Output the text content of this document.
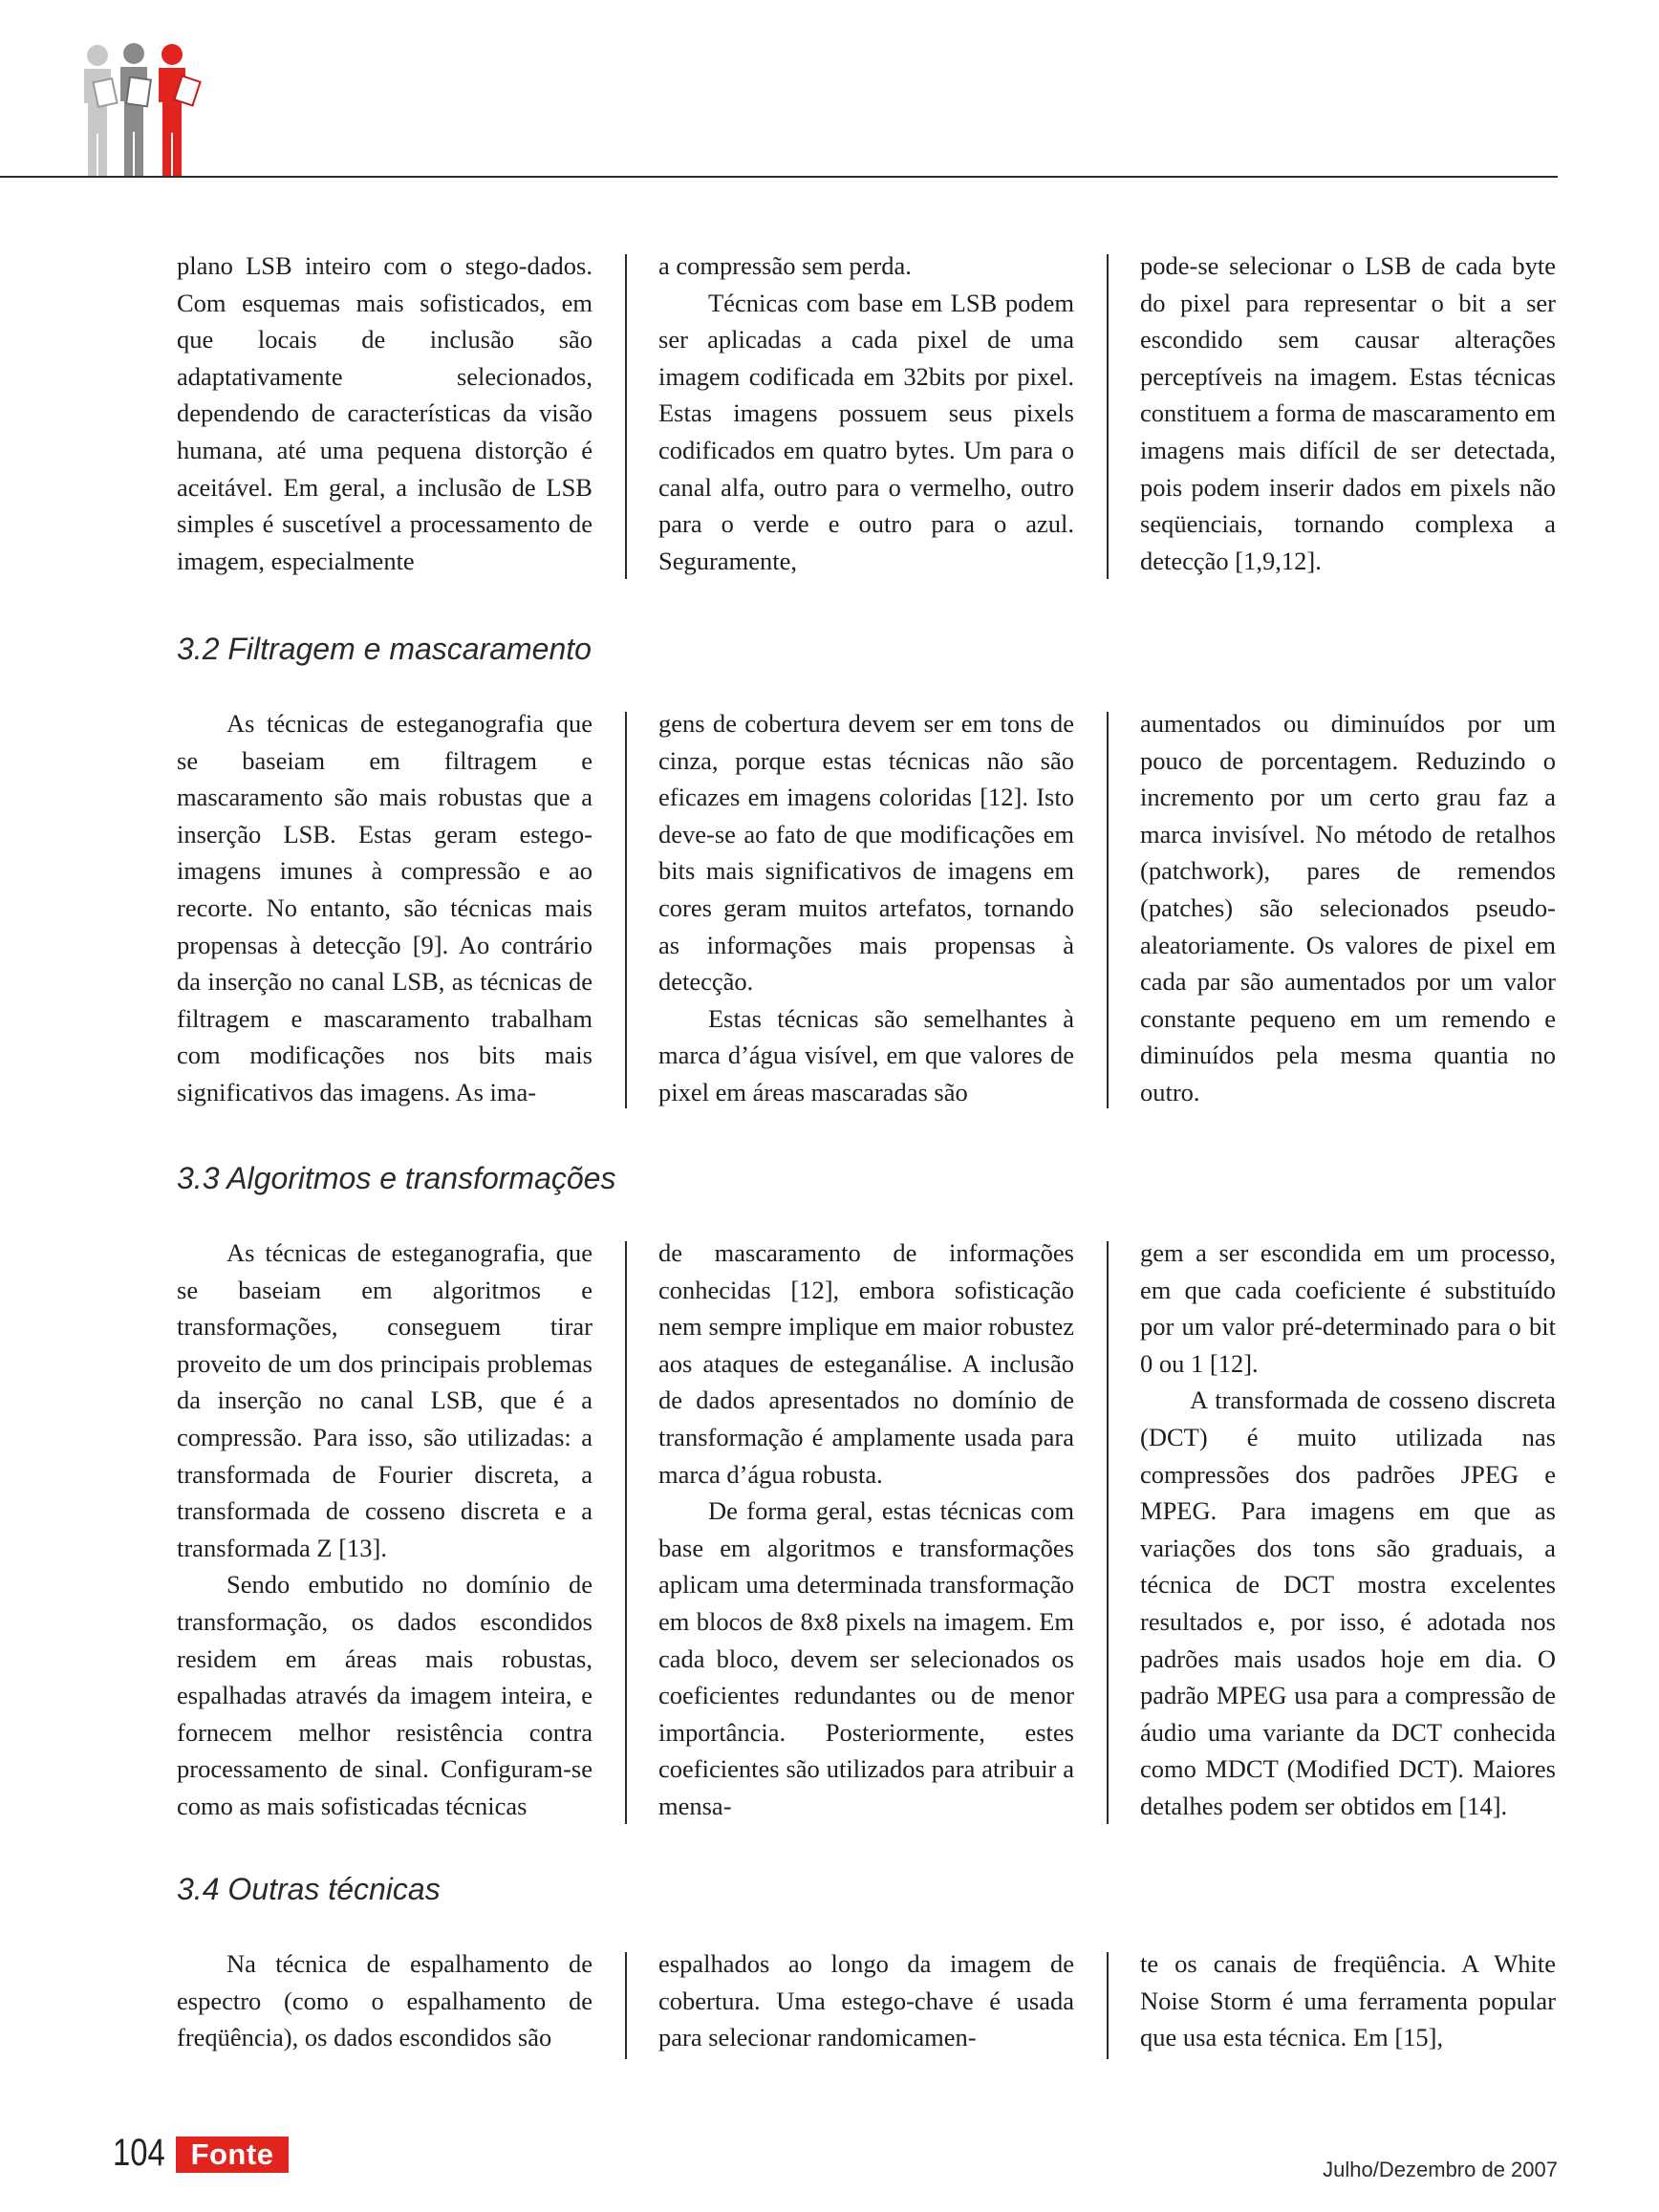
plano LSB inteiro com o stego-dados. Com esquemas mais sofisticados, em que locais de inclusão são adaptativamente selecionados, dependendo de características da visão humana, até uma pequena distorção é aceitável. Em geral, a inclusão de LSB simples é suscetível a processamento de imagem, especialmente

a compressão sem perda.

Técnicas com base em LSB podem ser aplicadas a cada pixel de uma imagem codificada em 32bits por pixel. Estas imagens possuem seus pixels codificados em quatro bytes. Um para o canal alfa, outro para o vermelho, outro para o verde e outro para o azul. Seguramente,

pode-se selecionar o LSB de cada byte do pixel para representar o bit a ser escondido sem causar alterações perceptíveis na imagem. Estas técnicas constituem a forma de mascaramento em imagens mais difícil de ser detectada, pois podem inserir dados em pixels não seqüenciais, tornando complexa a detecção [1,9,12].

3.2 Filtragem e mascaramento

As técnicas de esteganografia que se baseiam em filtragem e mascaramento são mais robustas que a inserção LSB. Estas geram estego-imagens imunes à compressão e ao recorte. No entanto, são técnicas mais propensas à detecção [9]. Ao contrário da inserção no canal LSB, as técnicas de filtragem e mascaramento trabalham com modificações nos bits mais significativos das imagens. As ima-

gens de cobertura devem ser em tons de cinza, porque estas técnicas não são eficazes em imagens coloridas [12]. Isto deve-se ao fato de que modificações em bits mais significativos de imagens em cores geram muitos artefatos, tornando as informações mais propensas à detecção.

Estas técnicas são semelhantes à marca d’água visível, em que valores de pixel em áreas mascaradas são

aumentados ou diminuídos por um pouco de porcentagem. Reduzindo o incremento por um certo grau faz a marca invisível. No método de retalhos (patchwork), pares de remendos (patches) são selecionados pseudo-aleatoriamente. Os valores de pixel em cada par são aumentados por um valor constante pequeno em um remendo e diminuídos pela mesma quantia no outro.

3.3 Algoritmos e transformações

As técnicas de esteganografia, que se baseiam em algoritmos e transformações, conseguem tirar proveito de um dos principais problemas da inserção no canal LSB, que é a compressão. Para isso, são utilizadas: a transformada de Fourier discreta, a transformada de cosseno discreta e a transformada Z [13].

Sendo embutido no domínio de transformação, os dados escondidos residem em áreas mais robustas, espalhadas através da imagem inteira, e fornecem melhor resistência contra processamento de sinal. Configuram-se como as mais sofisticadas técnicas

de mascaramento de informações conhecidas [12], embora sofisticação nem sempre implique em maior robustez aos ataques de esteganálise. A inclusão de dados apresentados no domínio de transformação é amplamente usada para marca d’água robusta.

De forma geral, estas técnicas com base em algoritmos e transformações aplicam uma determinada transformação em blocos de 8x8 pixels na imagem. Em cada bloco, devem ser selecionados os coeficientes redundantes ou de menor importância. Posteriormente, estes coeficientes são utilizados para atribuir a mensa-

gem a ser escondida em um processo, em que cada coeficiente é substituído por um valor pré-determinado para o bit 0 ou 1 [12].

A transformada de cosseno discreta (DCT) é muito utilizada nas compressões dos padrões JPEG e MPEG. Para imagens em que as variações dos tons são graduais, a técnica de DCT mostra excelentes resultados e, por isso, é adotada nos padrões mais usados hoje em dia. O padrão MPEG usa para a compressão de áudio uma variante da DCT conhecida como MDCT (Modified DCT). Maiores detalhes podem ser obtidos em [14].

3.4 Outras técnicas

Na técnica de espalhamento de espectro (como o espalhamento de freqüência), os dados escondidos são

espalhados ao longo da imagem de cobertura. Uma estego-chave é usada para selecionar randomicamen-

te os canais de freqüência. A White Noise Storm é uma ferramenta popular que usa esta técnica. Em [15],

104 Fonte	Julho/Dezembro de 2007
